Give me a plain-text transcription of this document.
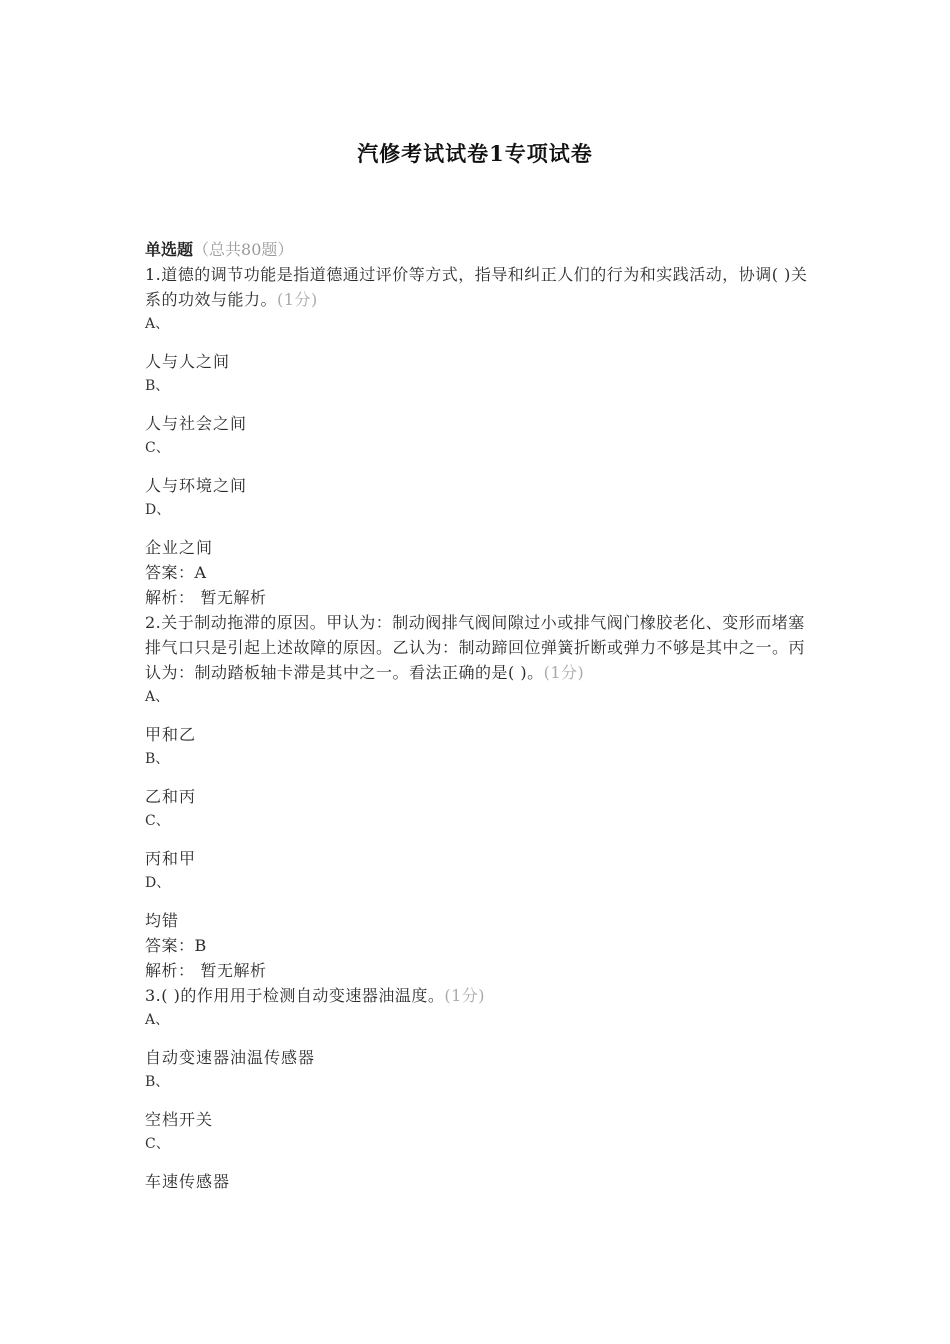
汽修考试试卷1专项试卷

单选题（总共80题）

1.道德的调节功能是指道德通过评价等方式，指导和纠正人们的行为和实践活动，协调( )关系的功效与能力。(1分)

A、

人与人之间

B、

人与社会之间

C、

人与环境之间

D、

企业之间

答案：A

解析： 暂无解析

2.关于制动拖滞的原因。甲认为：制动阀排气阀间隙过小或排气阀门橡胶老化、变形而堵塞排气口只是引起上述故障的原因。乙认为：制动蹄回位弹簧折断或弹力不够是其中之一。丙认为：制动踏板轴卡滞是其中之一。看法正确的是( )。(1分)

A、

甲和乙

B、

乙和丙

C、

丙和甲

D、

均错

答案：B

解析： 暂无解析

3.( )的作用用于检测自动变速器油温度。(1分)

A、

自动变速器油温传感器

B、

空档开关

C、

车速传感器
